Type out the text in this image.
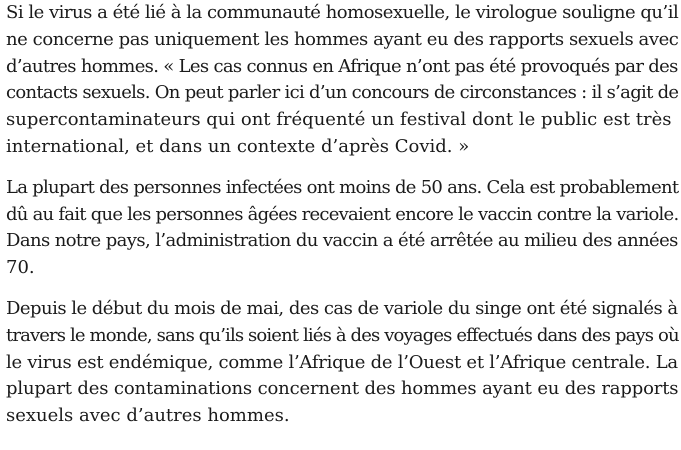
Si le virus a été lié à la communauté homosexuelle, le virologue souligne qu’il
ne concerne pas uniquement les hommes ayant eu des rapports sexuels avec
d’autres hommes. « Les cas connus en Afrique n’ont pas été provoqués par des
contacts sexuels. On peut parler ici d’un concours de circonstances : il s’agit de
supercontaminateurs qui ont fréquenté un festival dont le public est très
international, et dans un contexte d’après Covid. »

La plupart des personnes infectées ont moins de 50 ans. Cela est probablement
dû au fait que les personnes âgées recevaient encore le vaccin contre la variole.
Dans notre pays, l’administration du vaccin a été arrêtée au milieu des années
70.

Depuis le début du mois de mai, des cas de variole du singe ont été signalés à
travers le monde, sans qu’ils soient liés à des voyages effectués dans des pays où
le virus est endémique, comme l’Afrique de l’Ouest et l’Afrique centrale. La
plupart des contaminations concernent des hommes ayant eu des rapports
sexuels avec d’autres hommes.
